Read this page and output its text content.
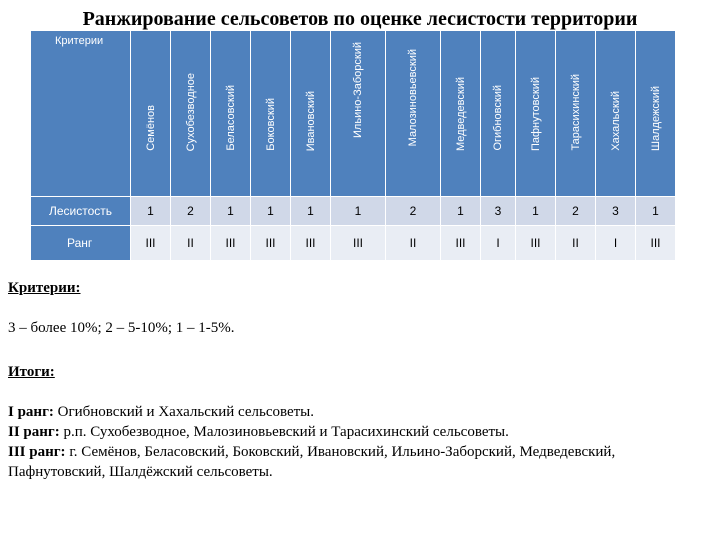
Ранжирование сельсоветов по оценке лесистости территории
Критерии	Семёнов	Сухобезводное	Беласовский	Боковский	Ивановский	Ильино-Заборский	Малозиновьевский	Медведевский	Огибновский	Пафнутовский	Тарасихинский	Хахальский	Шалдежский

Лесистость	1	2	1	1	1	1	2	1	3	1	2	3	1
Ранг	III	II	III	III	III	III	II	III	I	III	II	I	III

Критерии:

3 – более 10%; 2 – 5-10%; 1 – 1-5%.

Итоги:

I ранг: Огибновский и Хахальский сельсоветы.

II ранг: р.п. Сухобезводное, Малозиновьевский и Тарасихинский сельсоветы.

III ранг: г. Семёнов, Беласовский, Боковский, Ивановский, Ильино-Заборский, Медведевский, Пафнутовский, Шалдёжский сельсоветы.
